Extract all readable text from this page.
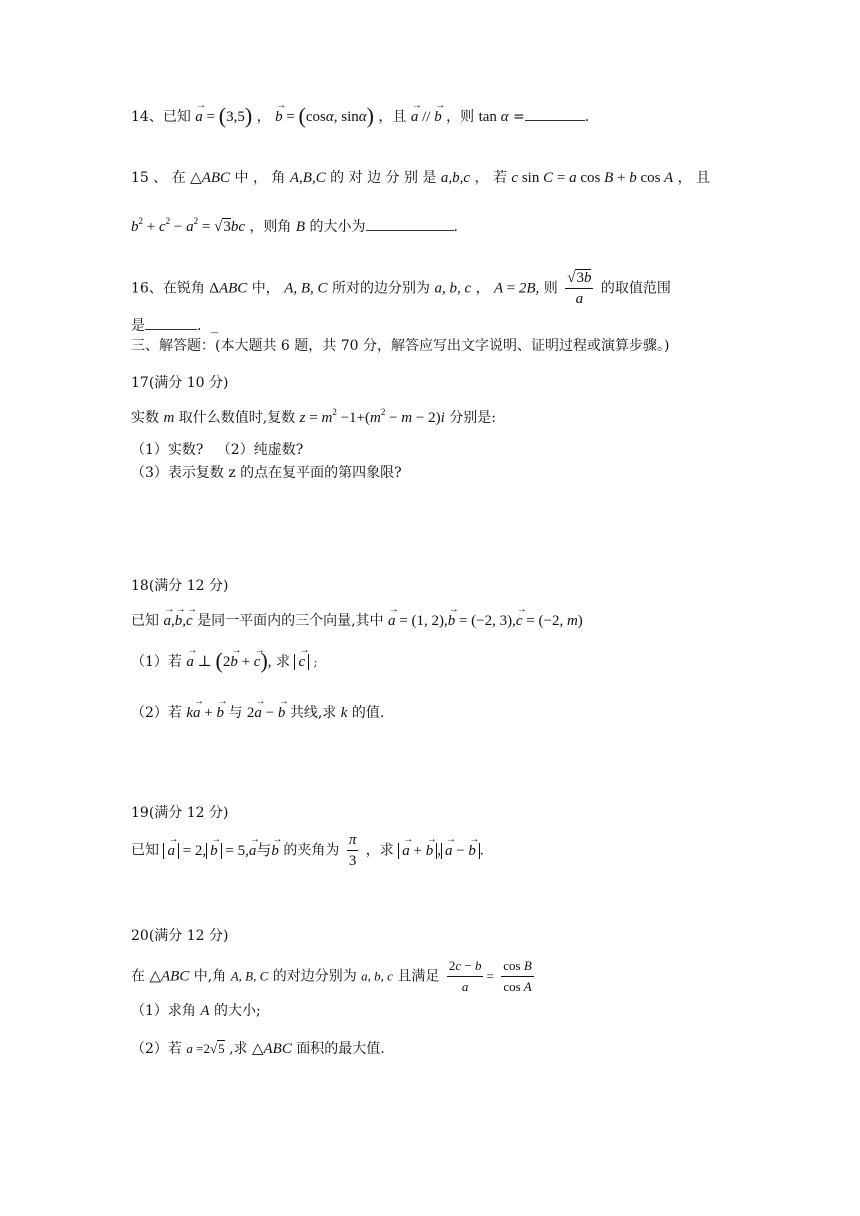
14、已知 → a = (3,5) ， → b = (cosα, sinα) ，且 → a // → b ，则 tan α =	.
15 、 在 △ABC 中 ， 角 A,B,C 的 对 边 分 别 是 a,b,c ， 若 c sin C = a cos B + b cos A ， 且
$b^2 + c^2 - a^2 = √3bc$ ，则角 B 的大小为	.
16、在锐角 ΔABC 中， A, B, C 所对的边分别为 a, b, c ， A = 2B, 则 $\frac{√3b}{a}$ 的取值范围
是	．_
三、解答题：(本大题共 6 题，共 70 分，解答应写出文字说明、证明过程或演算步骤。)
17(满分 10 分)
实数 m 取什么数值时,复数 $z = m^2 -1+(m^2 - m - 2)i$ 分别是:
（1）实数? （2）纯虚数?
（3）表示复数 z 的点在复平面的第四象限?
18(满分 12 分)
已知 → a,→ b,→ c 是同一平面内的三个向量,其中 → a = (1, 2),→ b = (−2, 3),→ c = (−2, m)
（1）若 → a ⊥ (2→ b + → c), 求 → c ;
（2）若 k→ a + → b 与 2→ a − → b 共线,求 k 的值.
19(满分 12 分)
已知 → a = 2, → b = 5,→ a与→ b 的夹角为 $\frac{\pi}{3}$ ，求 → a + → b , → a − → b .
20(满分 12 分)
在 △ABC 中,角 A, B, C 的对边分别为 a, b, c 且满足 $\frac{2c - b}{a} = \frac{\text{cos B}}{\text{cos A}}$
（1）求角 A 的大小;
（2）若 a =2√5 ,求 △ABC 面积的最大值.
